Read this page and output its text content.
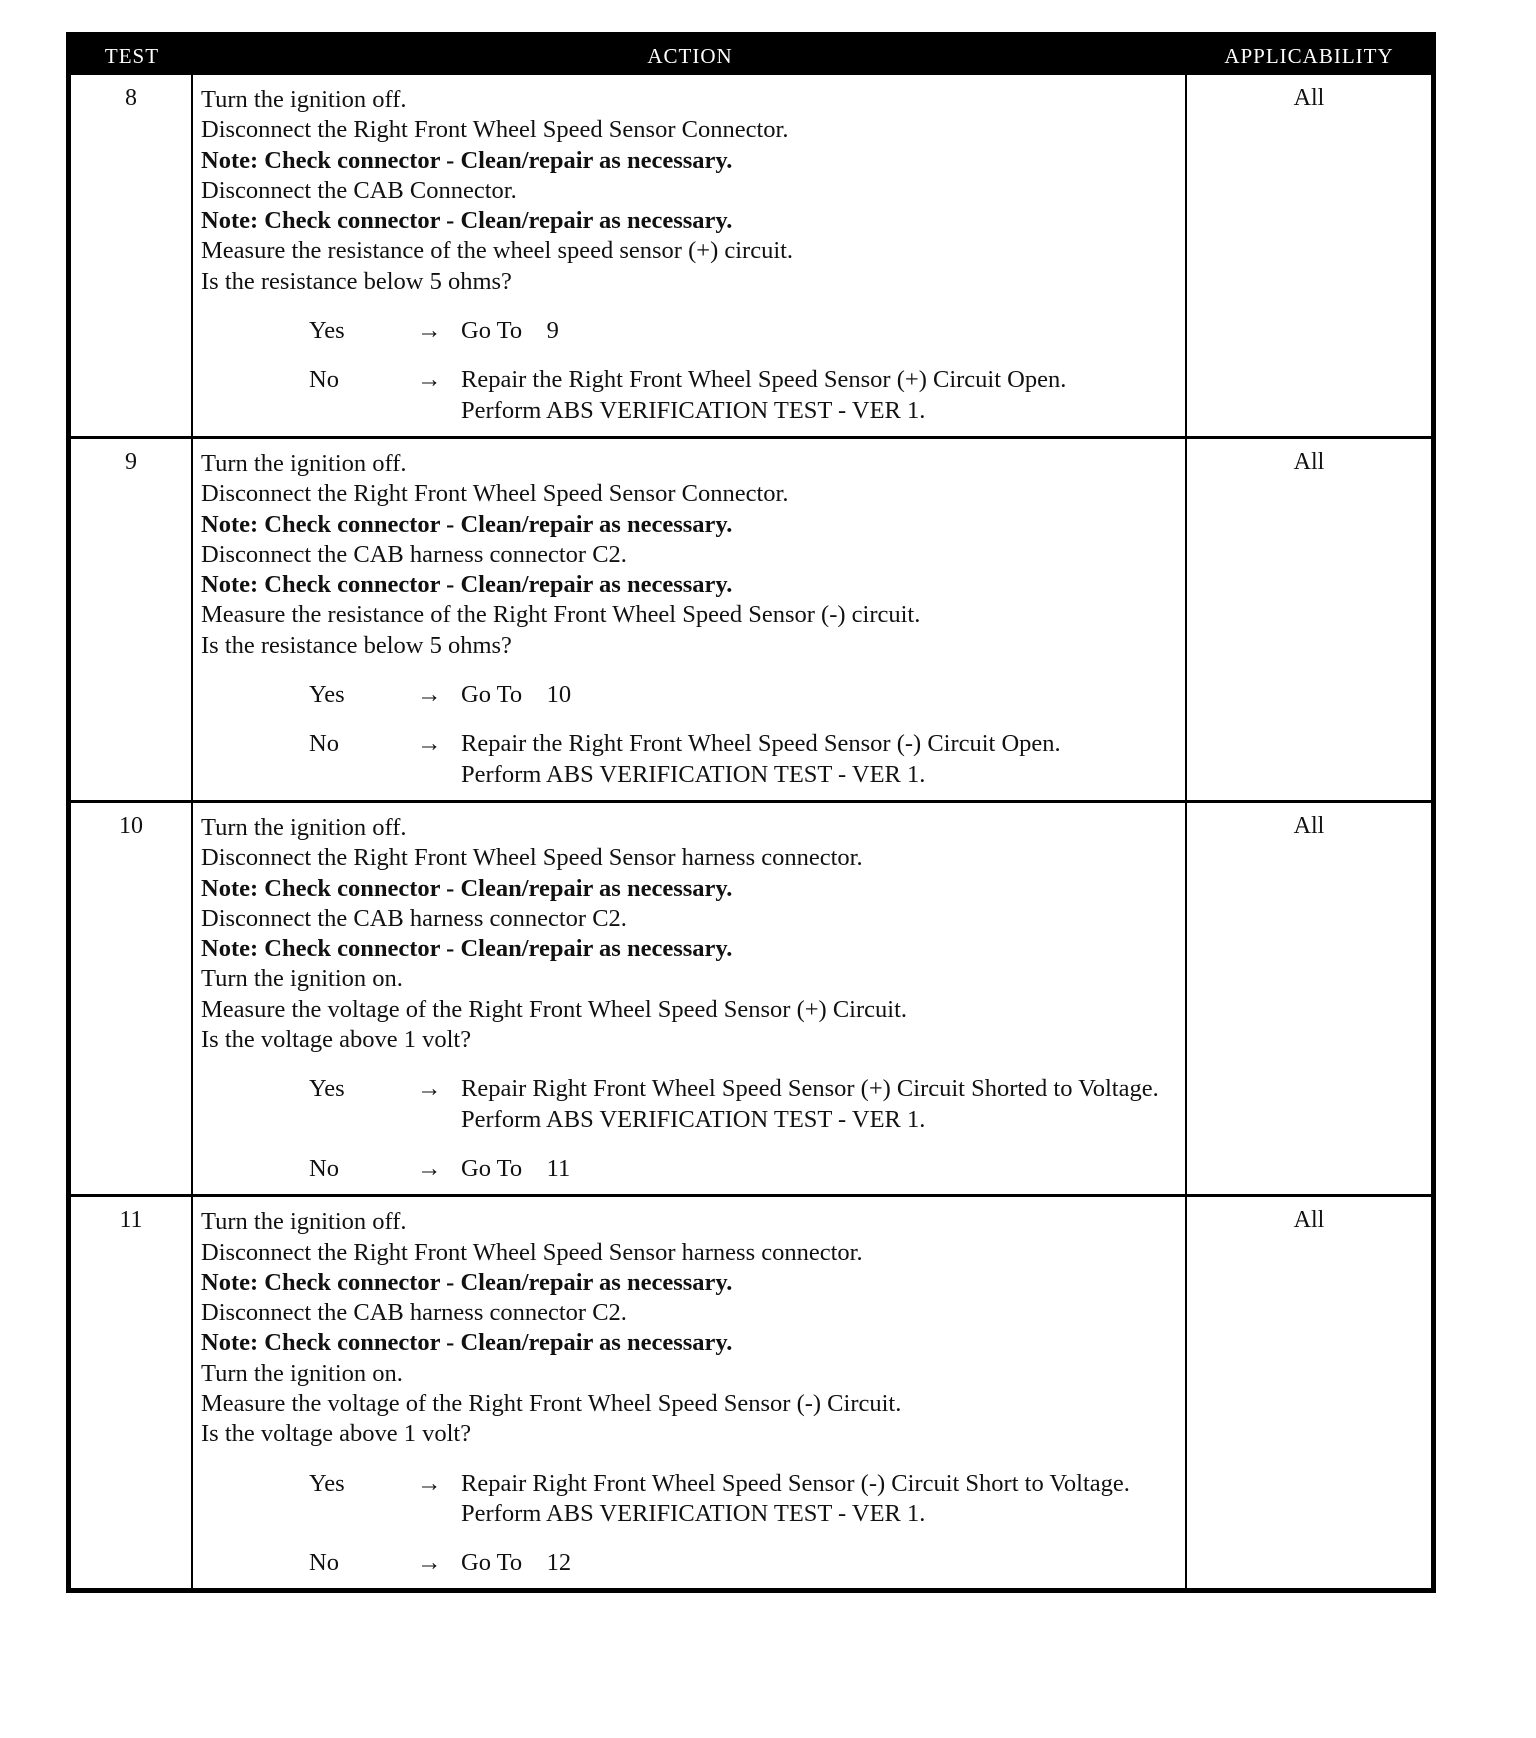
TEST	ACTION	APPLICABILITY
8	Turn the ignition off.
Disconnect the Right Front Wheel Speed Sensor Connector.
Note: Check connector - Clean/repair as necessary.
Disconnect the CAB Connector.
Note: Check connector - Clean/repair as necessary.
Measure the resistance of the wheel speed sensor (+) circuit.
Is the resistance below 5 ohms?
Yes	→ Go To    9
No	→ Repair the Right Front Wheel Speed Sensor (+) Circuit Open.
Perform ABS VERIFICATION TEST - VER 1.
All
9	Turn the ignition off.
Disconnect the Right Front Wheel Speed Sensor Connector.
Note: Check connector - Clean/repair as necessary.
Disconnect the CAB harness connector C2.
Note: Check connector - Clean/repair as necessary.
Measure the resistance of the Right Front Wheel Speed Sensor (-) circuit.
Is the resistance below 5 ohms?
Yes	→ Go To    10
No	→ Repair the Right Front Wheel Speed Sensor (-) Circuit Open.
Perform ABS VERIFICATION TEST - VER 1.
All
10	Turn the ignition off.
Disconnect the Right Front Wheel Speed Sensor harness connector.
Note: Check connector - Clean/repair as necessary.
Disconnect the CAB harness connector C2.
Note: Check connector - Clean/repair as necessary.
Turn the ignition on.
Measure the voltage of the Right Front Wheel Speed Sensor (+) Circuit.
Is the voltage above 1 volt?
Yes	→ Repair Right Front Wheel Speed Sensor (+) Circuit Shorted to Voltage.
Perform ABS VERIFICATION TEST - VER 1.
No	→ Go To    11
All
11	Turn the ignition off.
Disconnect the Right Front Wheel Speed Sensor harness connector.
Note: Check connector - Clean/repair as necessary.
Disconnect the CAB harness connector C2.
Note: Check connector - Clean/repair as necessary.
Turn the ignition on.
Measure the voltage of the Right Front Wheel Speed Sensor (-) Circuit.
Is the voltage above 1 volt?
Yes	→ Repair Right Front Wheel Speed Sensor (-) Circuit Short to Voltage.
Perform ABS VERIFICATION TEST - VER 1.
No	→ Go To    12
All
